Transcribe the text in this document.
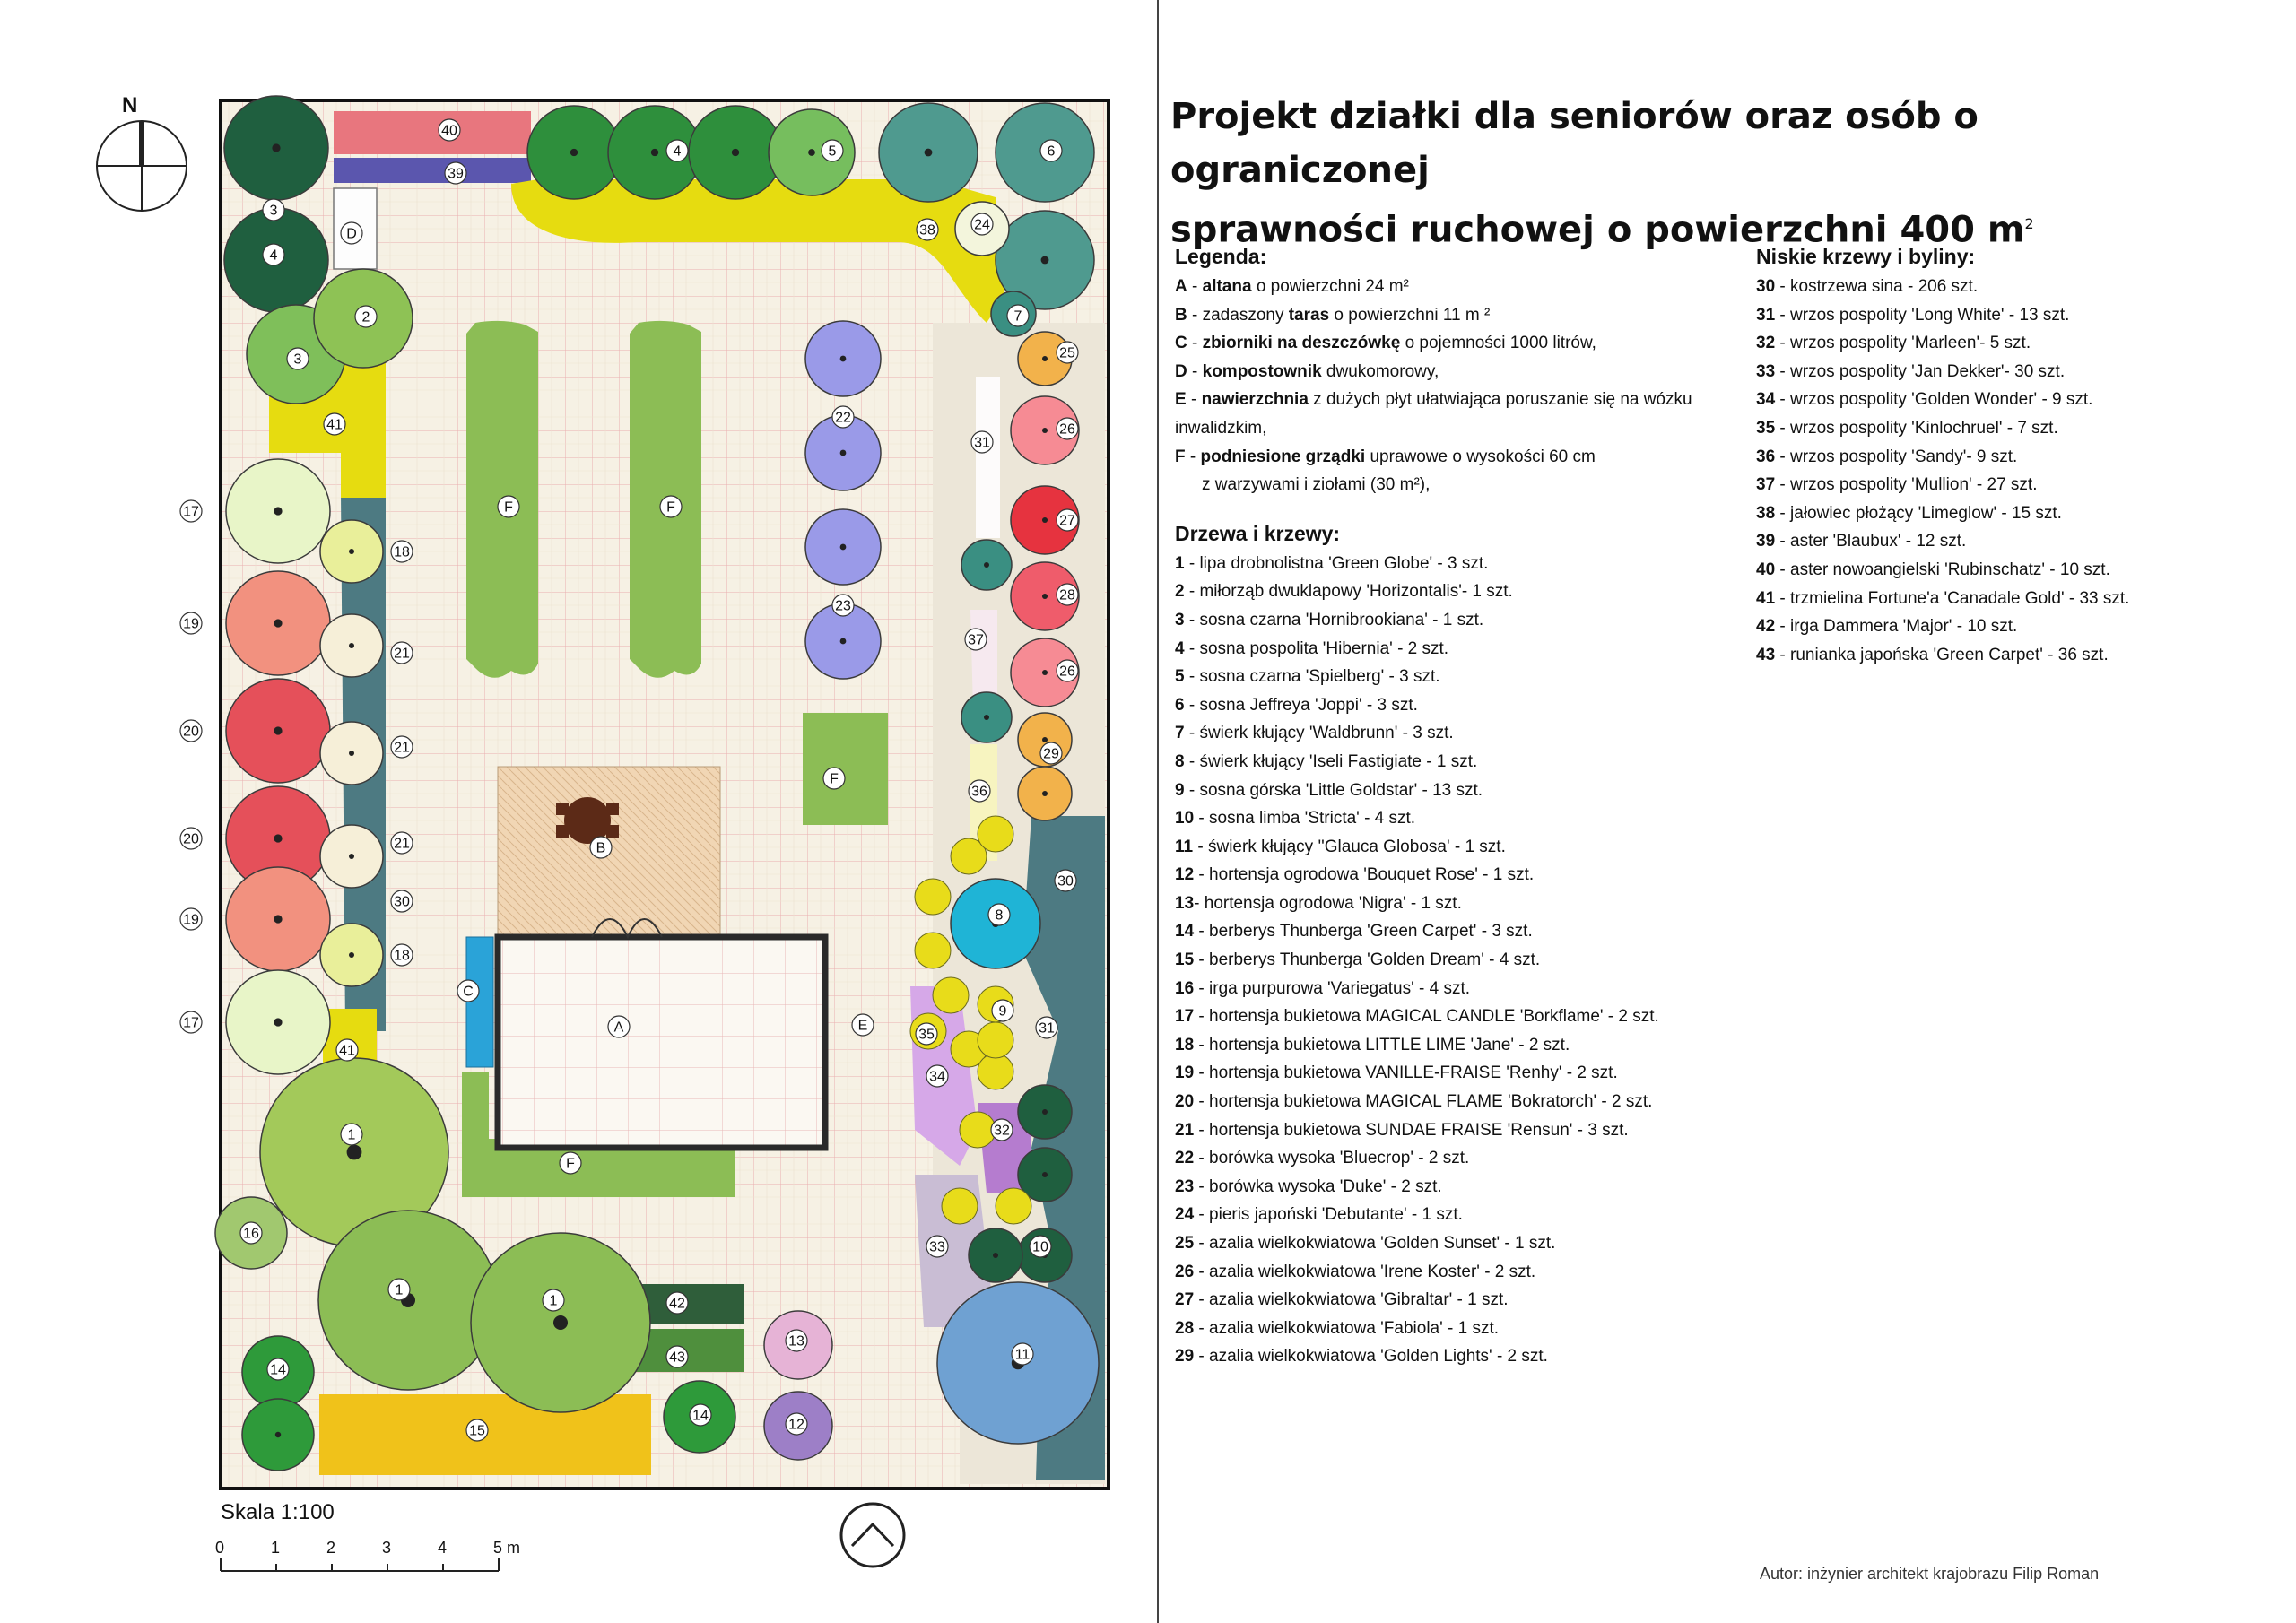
A
B
C
D
E
F	F
F
F
1
1
1
2
3
3
4
4	5	6
7
8
9
10
11
12
13
14
14
15
16
17
17
18
18
19
19
20
20
21
21
21
22
23
24
25
26
26
27
28
29
30
30
31
31
32
33
34
35
36
37
38
39
40
41
41
42
43
N
Skala 1:100
0	1	2	3	4	5 m
Projekt działki dla seniorów oraz osób o ograniczonej
sprawności ruchowej o powierzchni 400 $m^2$
Legenda:
A - altana o powierzchni 24 m²
B - zadaszony taras o powierzchni 11 m ²
C - zbiorniki na deszczówkę o pojemności 1000 litrów,
D - kompostownik dwukomorowy,
E - nawierzchnia z dużych płyt ułatwiająca poruszanie się na wózku
inwalidzkim,
F - podniesione grządki uprawowe o wysokości 60 cm
z warzywami i ziołami (30 m²),
Drzewa i krzewy:
1 - lipa drobnolistna 'Green Globe' - 3 szt.
2 - miłorząb dwuklapowy 'Horizontalis'- 1 szt.
3 - sosna czarna 'Hornibrookiana' - 1 szt.
4 - sosna pospolita 'Hibernia' - 2 szt.
5 - sosna czarna 'Spielberg' - 3 szt.
6 - sosna Jeffreya 'Joppi' - 3 szt.
7 - świerk kłujący 'Waldbrunn' - 3 szt.
8 - świerk kłujący 'Iseli Fastigiate - 1 szt.
9 - sosna górska 'Little Goldstar' - 13 szt.
10 - sosna limba 'Stricta' - 4 szt.
11 - świerk kłujący ''Glauca Globosa' - 1 szt.
12 - hortensja ogrodowa 'Bouquet Rose' - 1 szt.
13- hortensja ogrodowa 'Nigra' - 1 szt.
14 - berberys Thunberga 'Green Carpet' - 3 szt.
15 - berberys Thunberga 'Golden Dream' - 4 szt.
16 - irga purpurowa 'Variegatus' - 4 szt.
17 - hortensja bukietowa MAGICAL CANDLE 'Borkflame' - 2 szt.
18 - hortensja bukietowa LITTLE LIME 'Jane' - 2 szt.
19 - hortensja bukietowa VANILLE-FRAISE 'Renhy' - 2 szt.
20 - hortensja bukietowa MAGICAL FLAME 'Bokratorch' - 2 szt.
21 - hortensja bukietowa SUNDAE FRAISE 'Rensun' - 3 szt.
22 - borówka wysoka 'Bluecrop' - 2 szt.
23 - borówka wysoka 'Duke' - 2 szt.
24 - pieris japoński 'Debutante' - 1 szt.
25 - azalia wielkokwiatowa 'Golden Sunset' - 1 szt.
26 - azalia wielkokwiatowa 'Irene Koster' - 2 szt.
27 - azalia wielkokwiatowa 'Gibraltar' - 1 szt.
28 - azalia wielkokwiatowa 'Fabiola' - 1 szt.
29 - azalia wielkokwiatowa 'Golden Lights' - 2 szt.
Niskie krzewy i byliny:
30 - kostrzewa sina - 206 szt.
31 - wrzos pospolity 'Long White' - 13 szt.
32 - wrzos pospolity 'Marleen'- 5 szt.
33 - wrzos pospolity 'Jan Dekker'- 30 szt.
34 - wrzos pospolity 'Golden Wonder' - 9 szt.
35 - wrzos pospolity 'Kinlochruel' - 7 szt.
36 - wrzos pospolity 'Sandy'- 9 szt.
37 - wrzos pospolity 'Mullion' - 27 szt.
38 - jałowiec płożący 'Limeglow' - 15 szt.
39 - aster 'Blaubux' - 12 szt.
40 - aster nowoangielski 'Rubinschatz' - 10 szt.
41 - trzmielina Fortune'a 'Canadale Gold' - 33 szt.
42 - irga Dammera 'Major' - 10 szt.
43 - runianka japońska 'Green Carpet' - 36 szt.
Autor: inżynier architekt krajobrazu Filip Roman
